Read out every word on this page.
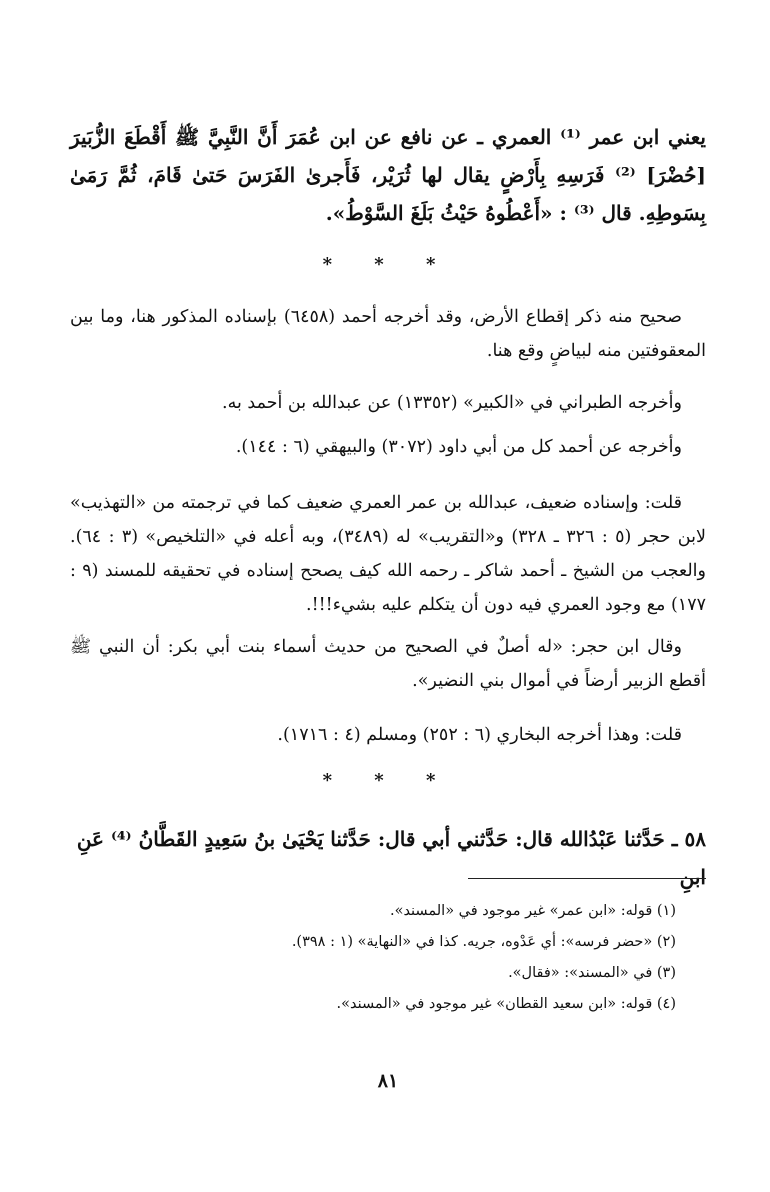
يعني ابن عمر ⁽¹⁾ العمري ـ عن نافع عن ابن عُمَرَ أَنَّ النَّبِيَّ ﷺ أَقْطَعَ الزُّبَيرَ [حُضْرَ] ⁽²⁾ فَرَسِهِ بِأَرْضٍ يقال لها ثُرَيْر، فَأَجرىٰ الفَرَسَ حَتىٰ قَامَ، ثُمَّ رَمَىٰ بِسَوطِهِ. قال ⁽³⁾ : «أَعْطُوهُ حَيْثُ بَلَغَ السَّوْطُ».

* * *

صحيح منه ذكر إقطاع الأرض، وقد أخرجه أحمد (٦٤٥٨) بإسناده المذكور هنا، وما بين المعقوفتين منه لبياضٍ وقع هنا.

وأخرجه الطبراني في «الكبير» (١٣٣٥٢) عن عبدالله بن أحمد به.

وأخرجه عن أحمد كل من أبي داود (٣٠٧٢) والبيهقي (٦ : ١٤٤).

قلت: وإسناده ضعيف، عبدالله بن عمر العمري ضعيف كما في ترجمته من «التهذيب» لابن حجر (٥ : ٣٢٦ ـ ٣٢٨) و«التقريب» له (٣٤٨٩)، وبه أعله في «التلخيص» (٣ : ٦٤). والعجب من الشيخ ـ أحمد شاكر ـ رحمه الله كيف يصحح إسناده في تحقيقه للمسند (٩ : ١٧٧) مع وجود العمري فيه دون أن يتكلم عليه بشيء!!!.

وقال ابن حجر: «له أصلٌ في الصحيح من حديث أسماء بنت أبي بكر: أن النبي ﷺ أقطع الزبير أرضاً في أموال بني النضير».

قلت: وهذا أخرجه البخاري (٦ : ٢٥٢) ومسلم (٤ : ١٧١٦).

* * *

٥٨ ـ حَدَّثنا عَبْدُالله قال: حَدَّثني أبي قال: حَدَّثنا يَحْيَىٰ بنُ سَعِيدٍ القَطَّانُ ⁽⁴⁾ عَنِ ابنِ

(١) قوله: «ابن عمر» غير موجود في «المسند».
(٢) «حضر فرسه»: أي عَدْوه، جريه. كذا في «النهاية» (١ : ٣٩٨).
(٣) في «المسند»: «فقال».
(٤) قوله: «ابن سعيد القطان» غير موجود في «المسند».
٨١
